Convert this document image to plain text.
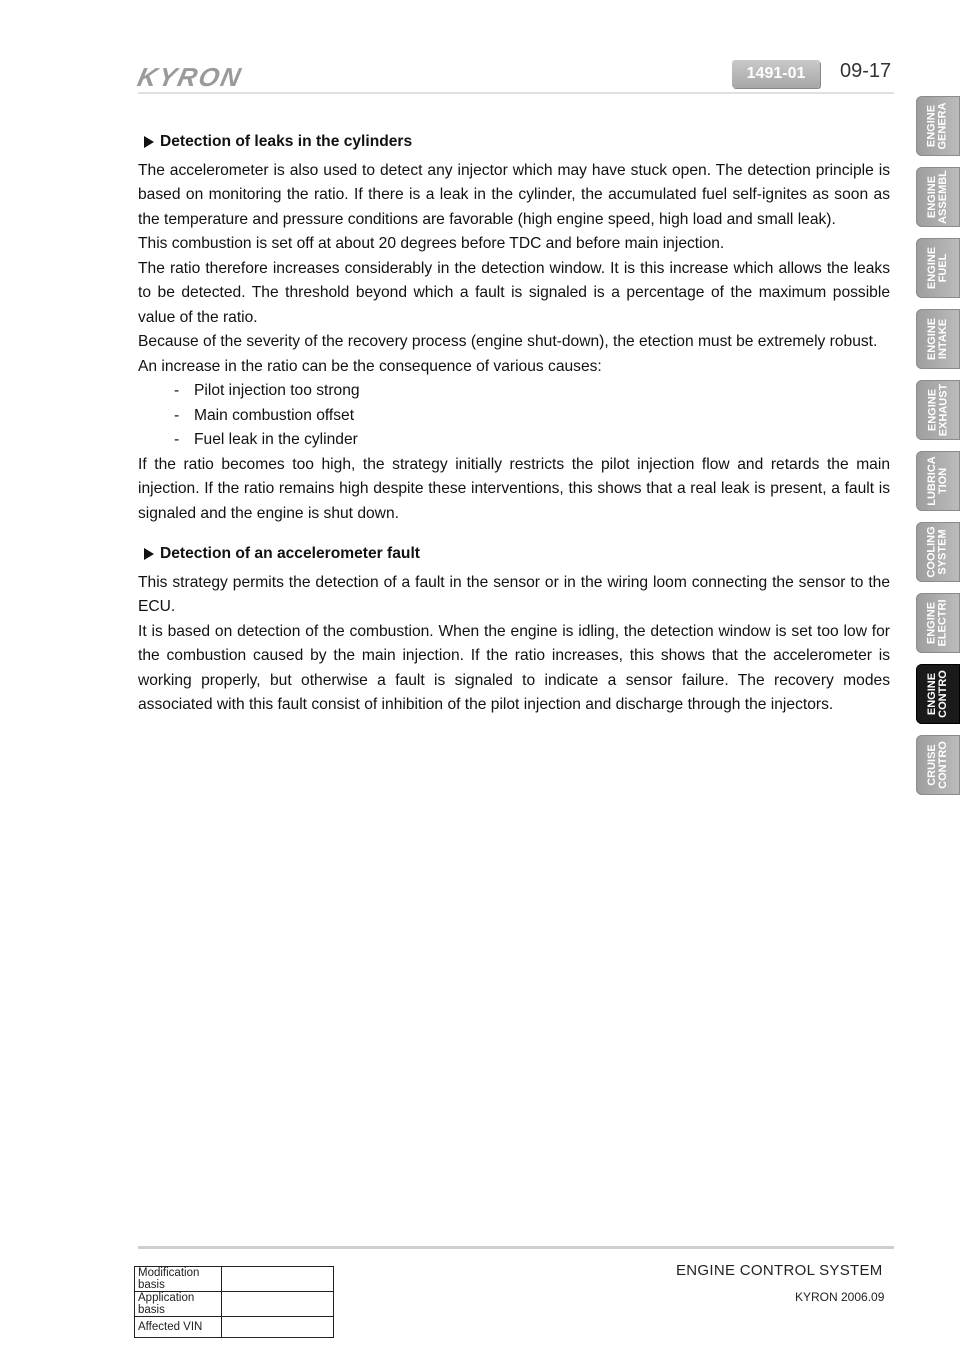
KYRON	1491-01	09-17
Detection of leaks in the cylinders

The accelerometer is also used to detect any injector which may have stuck open. The detection principle is based on monitoring the ratio. If there is a leak in the cylinder, the accumulated fuel self-ignites as soon as the temperature and pressure conditions are favorable (high engine speed, high load and small leak).

This combustion is set off at about 20 degrees before TDC and before main injection.

The ratio therefore increases considerably in the detection window. It is this increase which allows the leaks to be detected. The threshold beyond which a fault is signaled is a percentage of the maximum possible value of the ratio.

Because of the severity of the recovery process (engine shut-down), the etection must be extremely robust.

An increase in the ratio can be the consequence of various causes:

- Pilot injection too strong
- Main combustion offset
- Fuel leak in the cylinder

If the ratio becomes too high, the strategy initially restricts the pilot injection flow and retards the main injection. If the ratio remains high despite these interventions, this shows that a real leak is present, a fault is signaled and the engine is shut down.

Detection of an accelerometer fault

This strategy permits the detection of a fault in the sensor or in the wiring loom connecting the sensor to the ECU.

It is based on detection of the combustion. When the engine is idling, the detection window is set too low for the combustion caused by the main injection. If the ratio increases, this shows that the accelerometer is working properly, but otherwise a fault is signaled to indicate a sensor failure. The recovery modes associated with this fault consist of inhibition of the pilot injection and discharge through the injectors.

ENGINE
GENERA
ENGINE
ASSEMBL
ENGINE
FUEL
ENGINE
INTAKE
ENGINE
EXHAUST
LUBRICA
TION
COOLING
SYSTEM
ENGINE
ELECTRI
ENGINE
CONTRO
CRUISE
CONTRO
ENGINE CONTROL SYSTEM
KYRON 2006.09
Modification basis	
Application basis	
Affected VIN	
